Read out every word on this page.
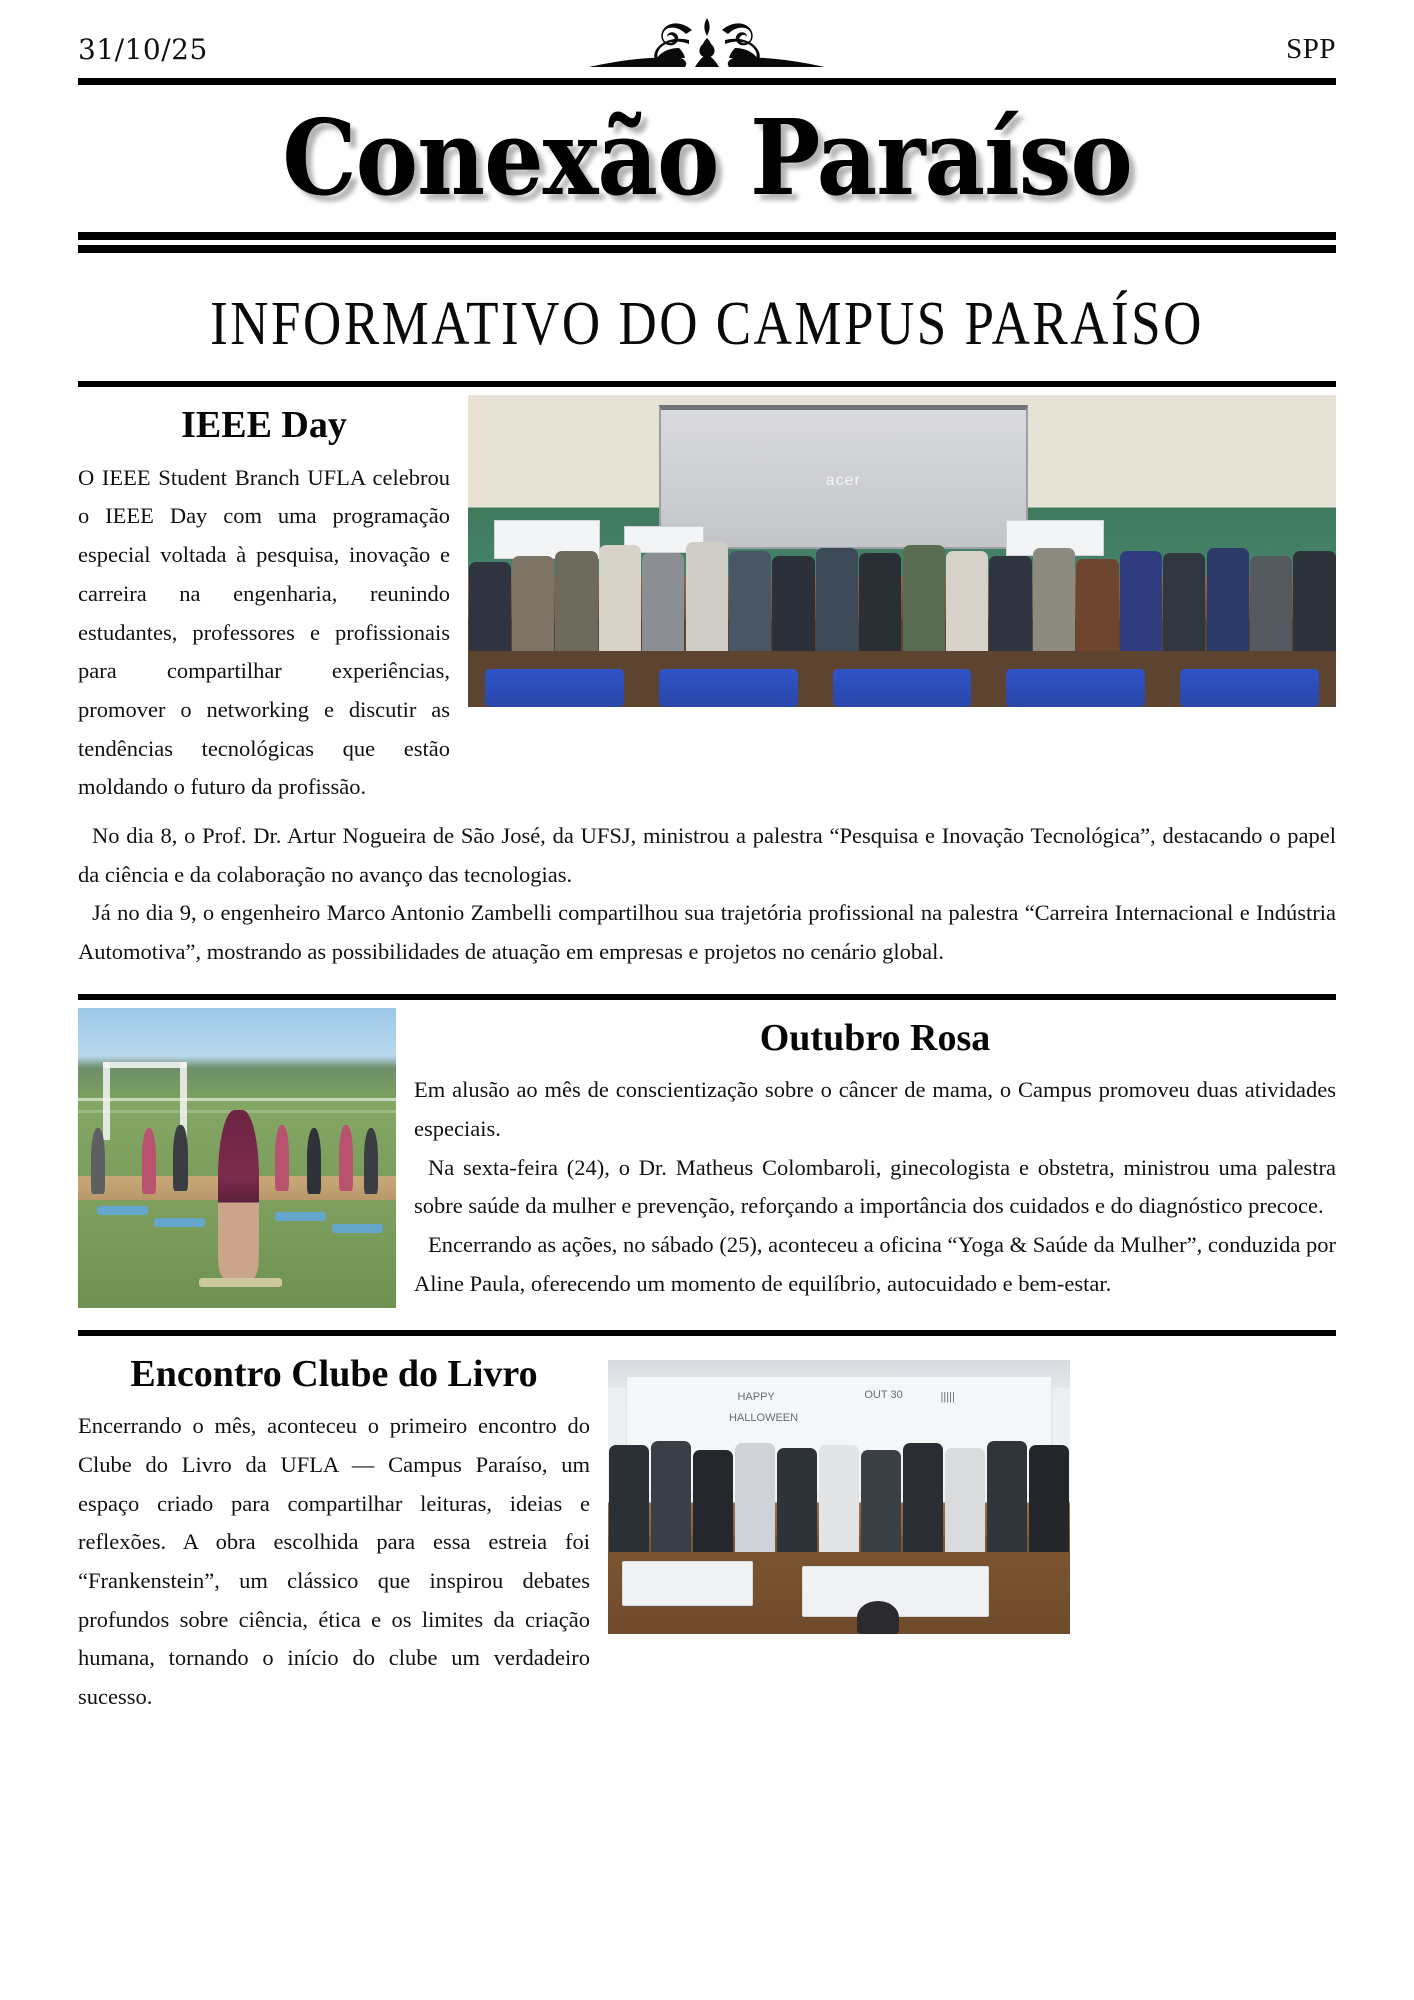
31/10/25	SPP
Conexão Paraíso
INFORMATIVO DO CAMPUS PARAÍSO
IEEE Day

O IEEE Student Branch UFLA celebrou o IEEE Day com uma programação especial voltada à pesquisa, inovação e carreira na engenharia, reunindo estudantes, professores e profissionais para compartilhar experiências, promover o networking e discutir as tendências tecnológicas que estão moldando o futuro da profissão.

acer

No dia 8, o Prof. Dr. Artur Nogueira de São José, da UFSJ, ministrou a palestra “Pesquisa e Inovação Tecnológica”, destacando o papel da ciência e da colaboração no avanço das tecnologias.

Já no dia 9, o engenheiro Marco Antonio Zambelli compartilhou sua trajetória profissional na palestra “Carreira Internacional e Indústria Automotiva”, mostrando as possibilidades de atuação em empresas e projetos no cenário global.

Outubro Rosa

Em alusão ao mês de conscientização sobre o câncer de mama, o Campus promoveu duas atividades especiais.

Na sexta-feira (24), o Dr. Matheus Colombaroli, ginecologista e obstetra, ministrou uma palestra sobre saúde da mulher e prevenção, reforçando a importância dos cuidados e do diagnóstico precoce.

Encerrando as ações, no sábado (25), aconteceu a oficina “Yoga & Saúde da Mulher”, conduzida por Aline Paula, oferecendo um momento de equilíbrio, autocuidado e bem-estar.

Encontro Clube do Livro

Encerrando o mês, aconteceu o primeiro encontro do Clube do Livro da UFLA — Campus Paraíso, um espaço criado para compartilhar leituras, ideias e reflexões. A obra escolhida para essa estreia foi “Frankenstein”, um clássico que inspirou debates profundos sobre ciência, ética e os limites da criação humana, tornando o início do clube um verdadeiro sucesso.

HAPPY
HALLOWEEN
OUT 30	|||||
